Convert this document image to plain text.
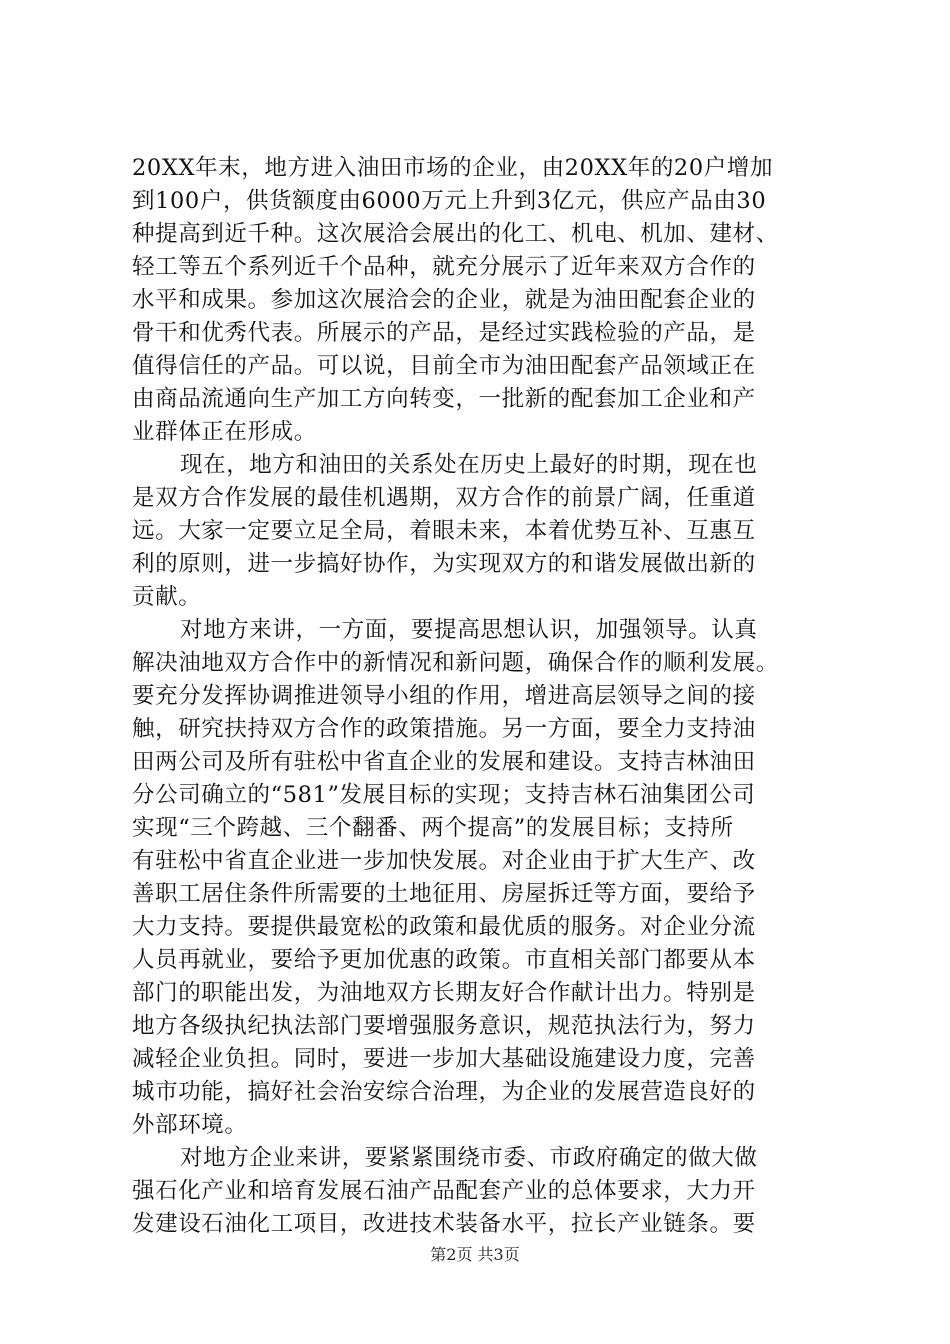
20XX年末，地方进入油田市场的企业，由20XX年的20户增加
到100户，供货额度由6000万元上升到3亿元，供应产品由30
种提高到近千种。这次展洽会展出的化工、机电、机加、建材、
轻工等五个系列近千个品种，就充分展示了近年来双方合作的
水平和成果。参加这次展洽会的企业，就是为油田配套企业的
骨干和优秀代表。所展示的产品，是经过实践检验的产品，是
值得信任的产品。可以说，目前全市为油田配套产品领域正在
由商品流通向生产加工方向转变，一批新的配套加工企业和产
业群体正在形成。
现在，地方和油田的关系处在历史上最好的时期，现在也
是双方合作发展的最佳机遇期，双方合作的前景广阔，任重道
远。大家一定要立足全局，着眼未来，本着优势互补、互惠互
利的原则，进一步搞好协作，为实现双方的和谐发展做出新的
贡献。
对地方来讲，一方面，要提高思想认识，加强领导。认真
解决油地双方合作中的新情况和新问题，确保合作的顺利发展。
要充分发挥协调推进领导小组的作用，增进高层领导之间的接
触，研究扶持双方合作的政策措施。另一方面，要全力支持油
田两公司及所有驻松中省直企业的发展和建设。支持吉林油田
分公司确立的“581”发展目标的实现；支持吉林石油集团公司
实现“三个跨越、三个翻番、两个提高”的发展目标；支持所
有驻松中省直企业进一步加快发展。对企业由于扩大生产、改
善职工居住条件所需要的土地征用、房屋拆迁等方面，要给予
大力支持。要提供最宽松的政策和最优质的服务。对企业分流
人员再就业，要给予更加优惠的政策。市直相关部门都要从本
部门的职能出发，为油地双方长期友好合作献计出力。特别是
地方各级执纪执法部门要增强服务意识，规范执法行为，努力
减轻企业负担。同时，要进一步加大基础设施建设力度，完善
城市功能，搞好社会治安综合治理，为企业的发展营造良好的
外部环境。
对地方企业来讲，要紧紧围绕市委、市政府确定的做大做
强石化产业和培育发展石油产品配套产业的总体要求，大力开
发建设石油化工项目，改进技术装备水平，拉长产业链条。要
第2页 共3页
